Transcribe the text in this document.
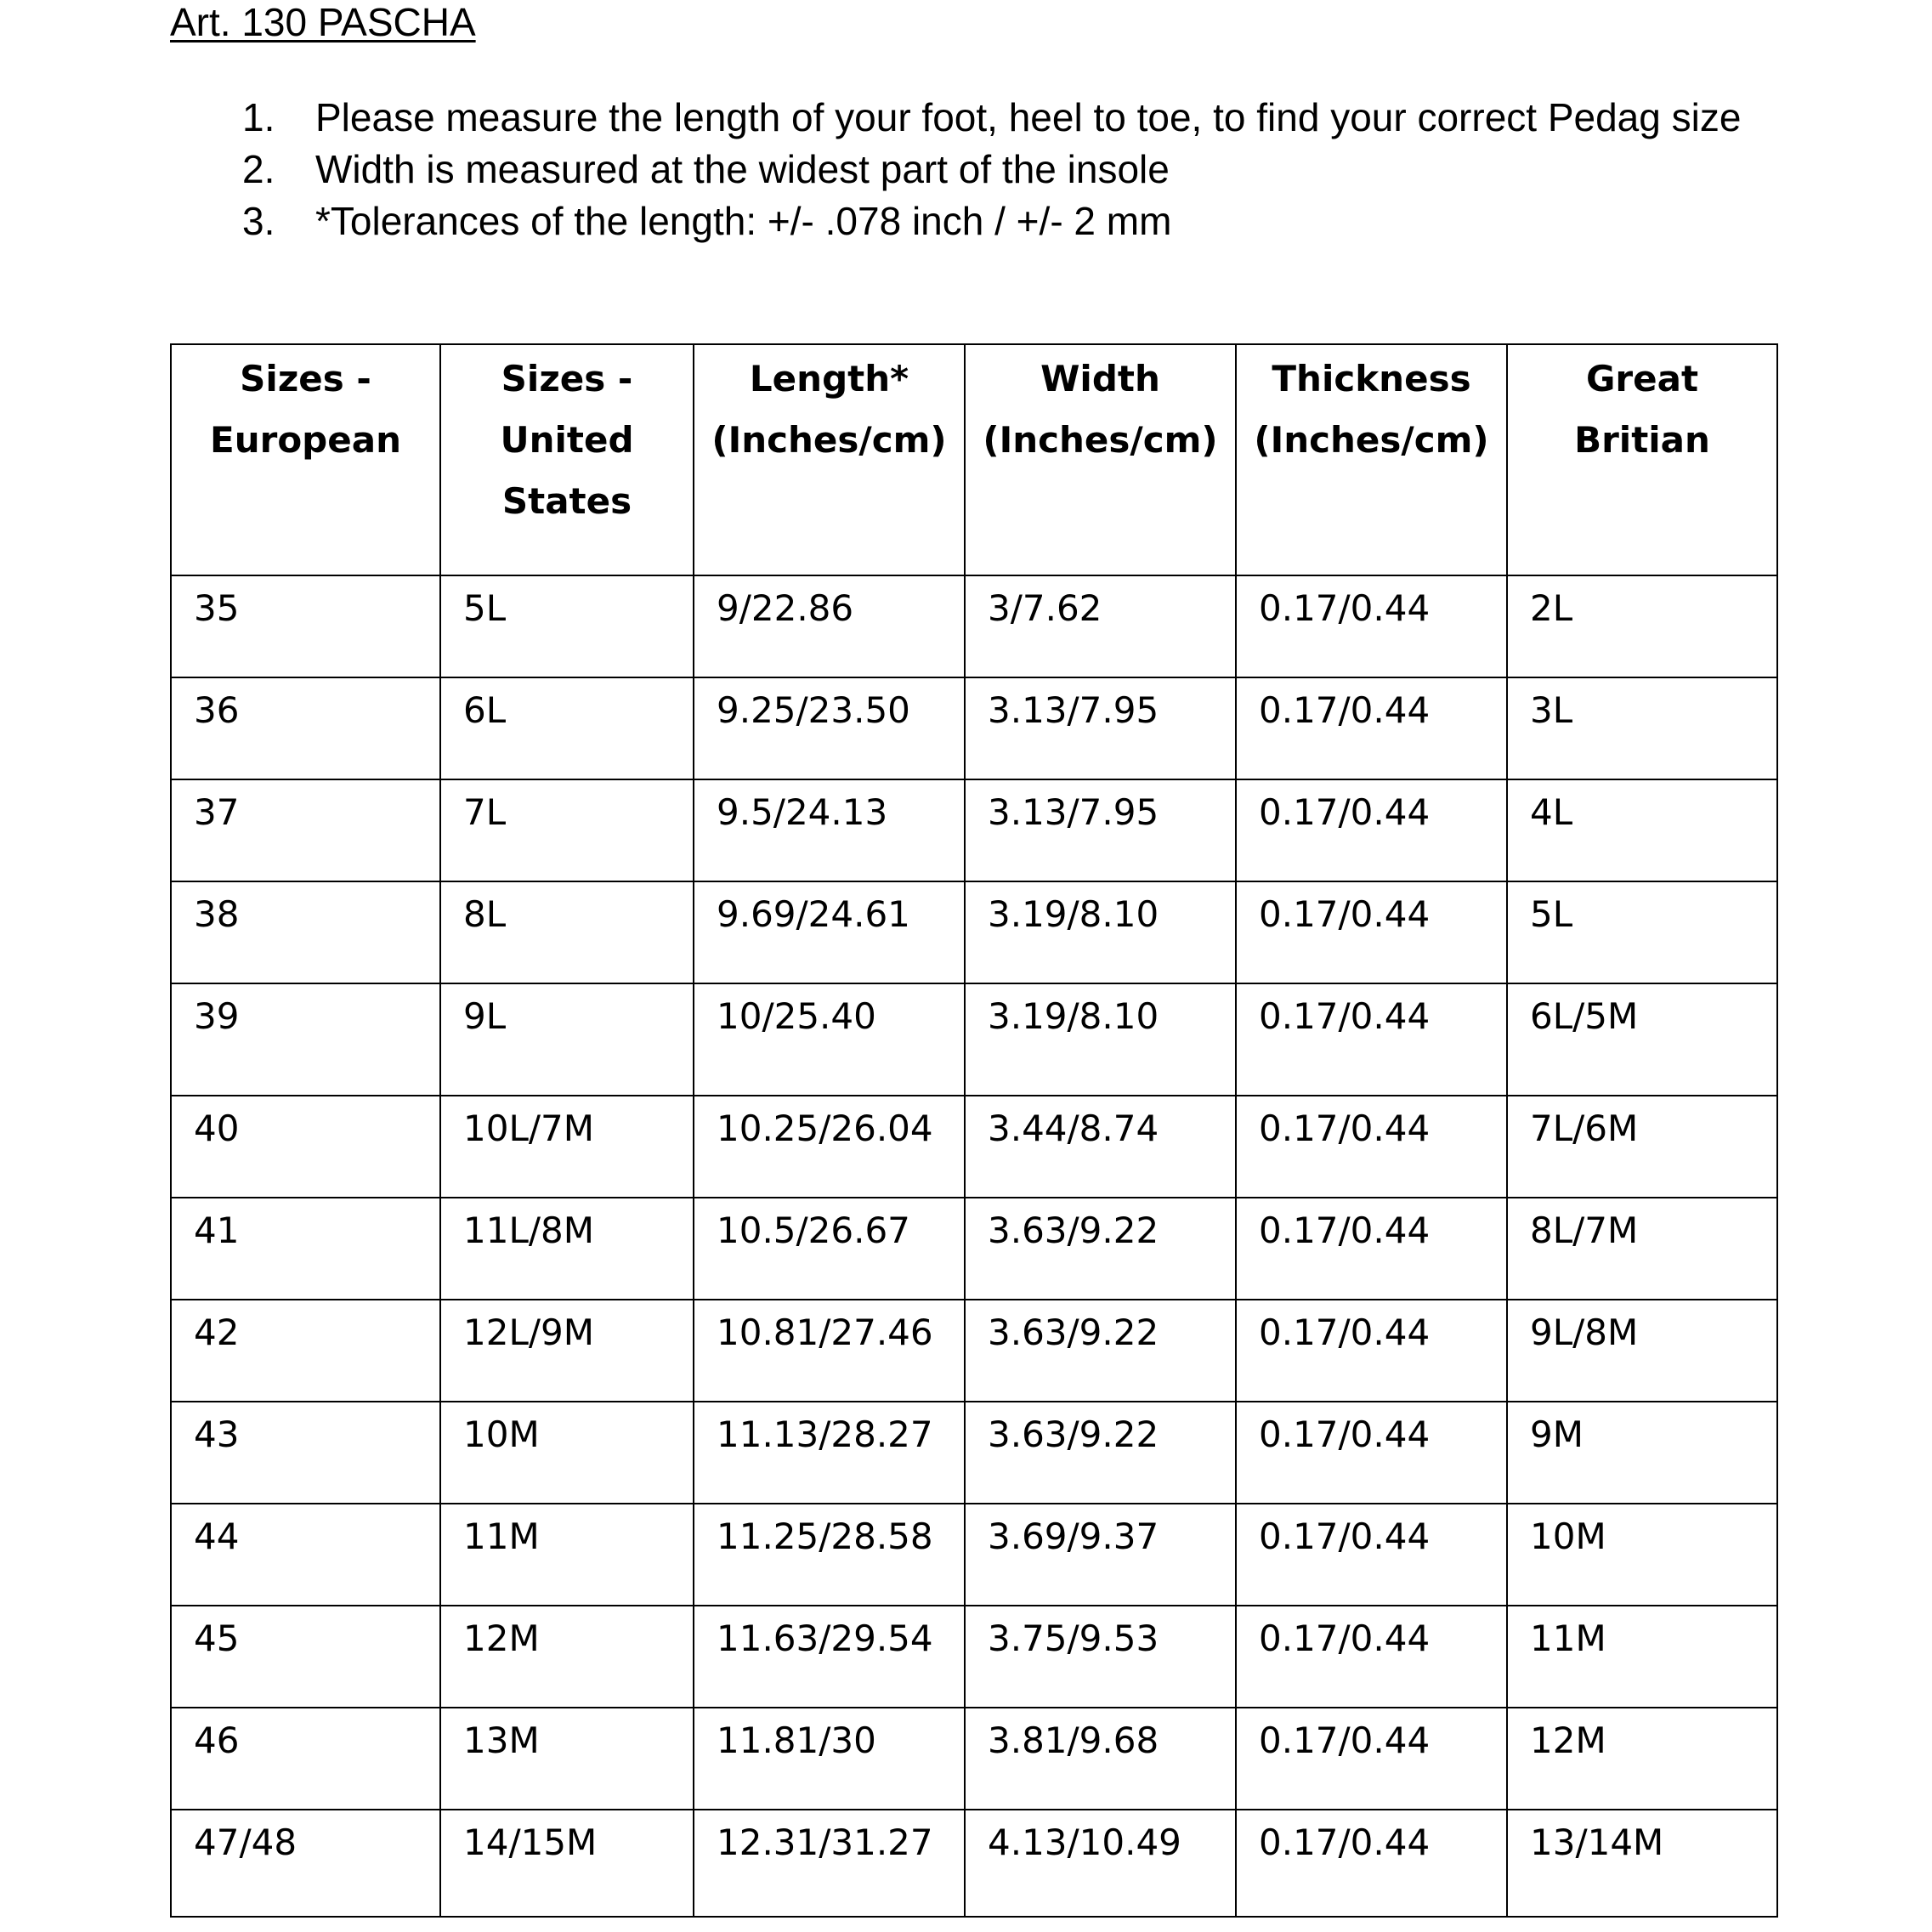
Art. 130 PASCHA
1. Please measure the length of your foot, heel to toe, to find your correct Pedag size
2. Width is measured at the widest part of the insole
3. *Tolerances of the length: +/- .078 inch / +/- 2 mm
Sizes -
European	Sizes -
United
States	Length*
(Inches/cm)	Width
(Inches/cm)	Thickness
(Inches/cm)	Great
Britian

35	5L	9/22.86	3/7.62	0.17/0.44	2L
36	6L	9.25/23.50	3.13/7.95	0.17/0.44	3L
37	7L	9.5/24.13	3.13/7.95	0.17/0.44	4L
38	8L	9.69/24.61	3.19/8.10	0.17/0.44	5L
39	9L	10/25.40	3.19/8.10	0.17/0.44	6L/5M
40	10L/7M	10.25/26.04	3.44/8.74	0.17/0.44	7L/6M
41	11L/8M	10.5/26.67	3.63/9.22	0.17/0.44	8L/7M
42	12L/9M	10.81/27.46	3.63/9.22	0.17/0.44	9L/8M
43	10M	11.13/28.27	3.63/9.22	0.17/0.44	9M
44	11M	11.25/28.58	3.69/9.37	0.17/0.44	10M
45	12M	11.63/29.54	3.75/9.53	0.17/0.44	11M
46	13M	11.81/30	3.81/9.68	0.17/0.44	12M
47/48	14/15M	12.31/31.27	4.13/10.49	0.17/0.44	13/14M
